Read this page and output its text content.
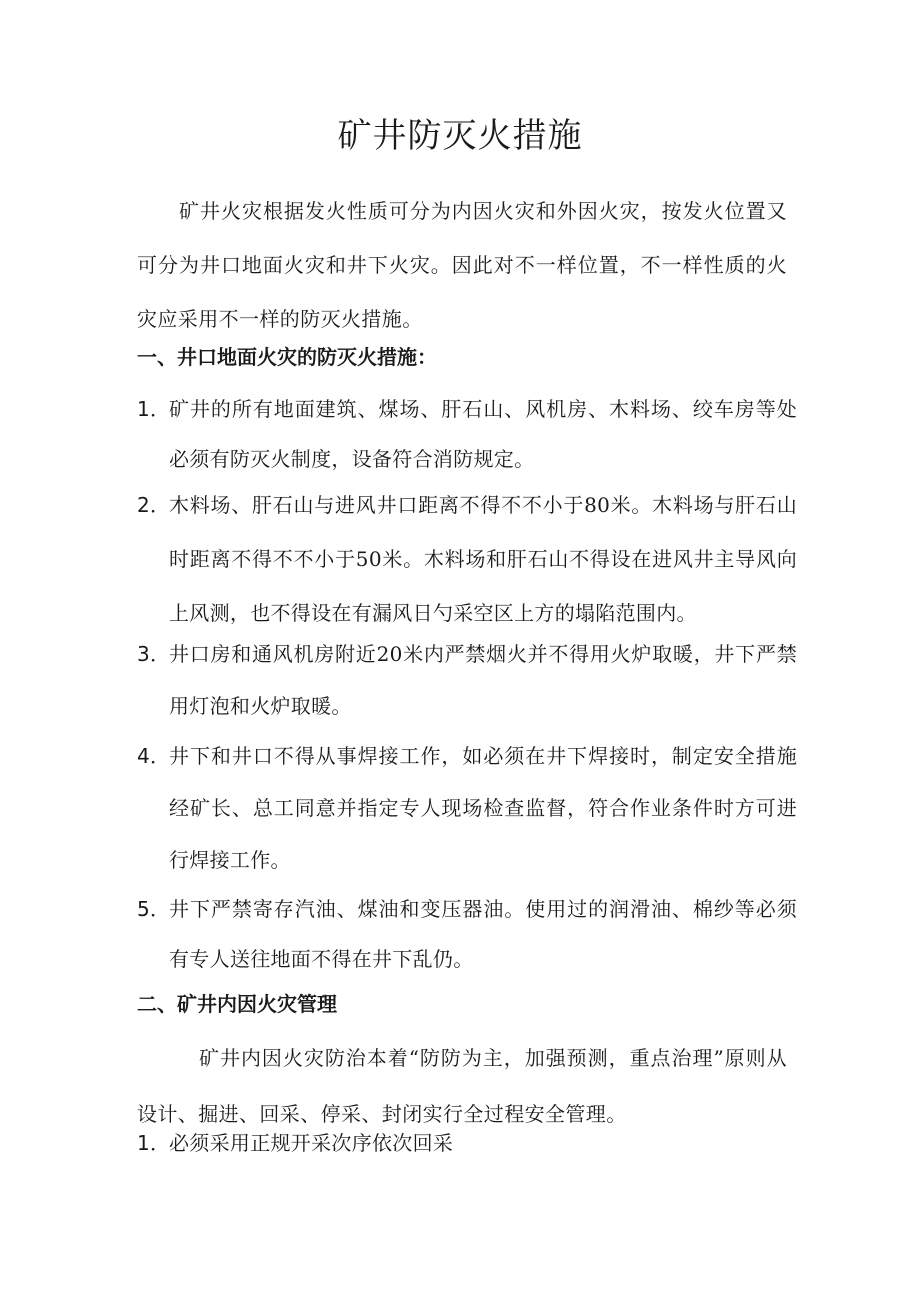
矿井防灭火措施

矿井火灾根据发火性质可分为内因火灾和外因火灾，按发火位置又可分为井口地面火灾和井下火灾。因此对不一样位置，不一样性质的火灾应采用不一样的防灭火措施。

一、井口地面火灾的防灭火措施：
1．
矿井的所有地面建筑、煤场、肝石山、风机房、木料场、绞车房等处必须有防灭火制度，设备符合消防规定。
2．
木料场、肝石山与进风井口距离不得不不小于80米。木料场与肝石山时距离不得不不小于50米。木料场和肝石山不得设在进风井主导风向上风测，也不得设在有漏风日勺采空区上方的塌陷范围内。
3．
井口房和通风机房附近20米内严禁烟火并不得用火炉取暖，井下严禁用灯泡和火炉取暖。
4．
井下和井口不得从事焊接工作，如必须在井下焊接时，制定安全措施经矿长、总工同意并指定专人现场检查监督，符合作业条件时方可进行焊接工作。
5．
井下严禁寄存汽油、煤油和变压器油。使用过的润滑油、棉纱等必须有专人送往地面不得在井下乱仍。
二、矿井内因火灾管理

矿井内因火灾防治本着“防防为主，加强预测，重点治理”原则从设计、掘进、回采、停采、封闭实行全过程安全管理。

1．必须采用正规开采次序依次回采
